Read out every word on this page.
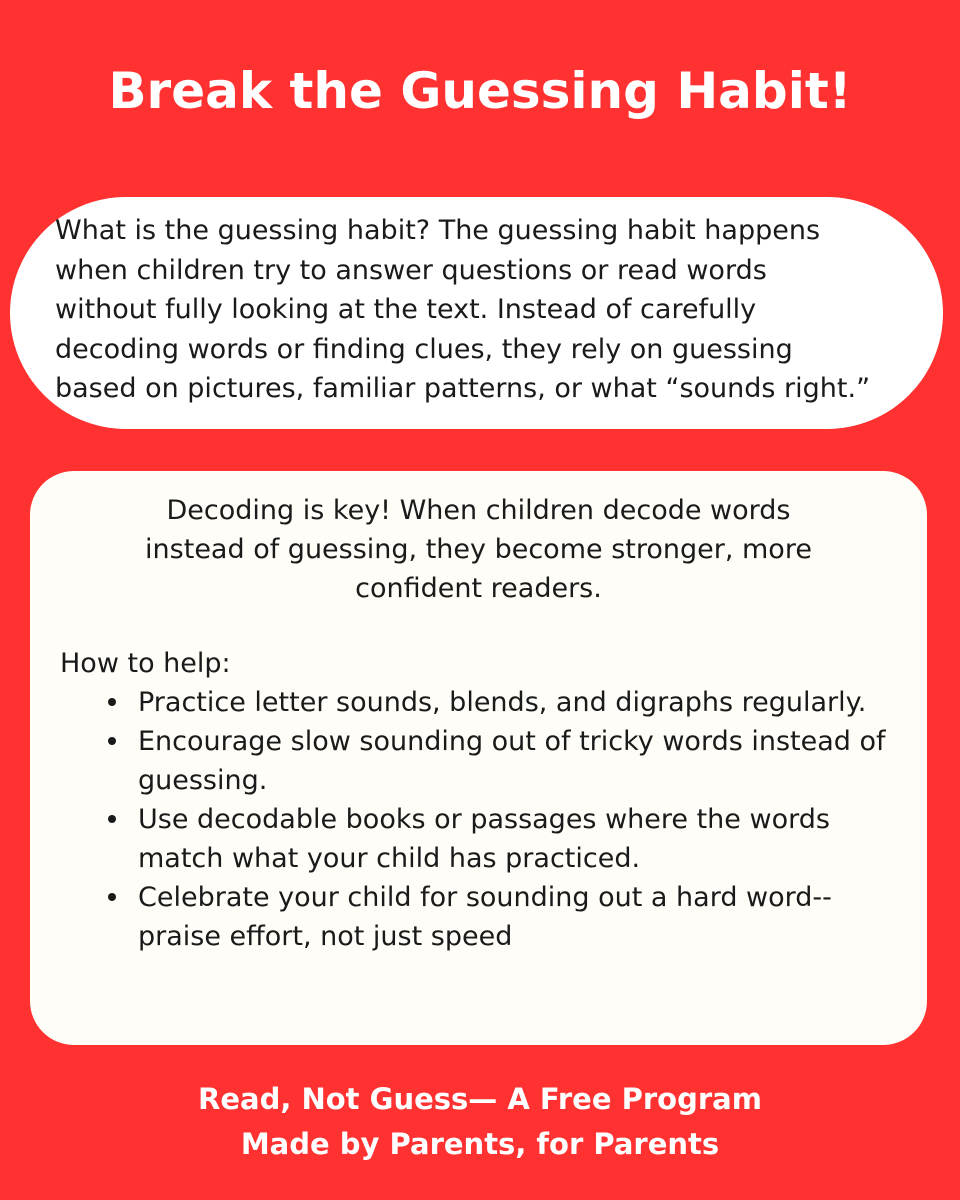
Break the Guessing Habit!

What is the guessing habit? The guessing habit happens
when children try to answer questions or read words
without fully looking at the text. Instead of carefully
decoding words or finding clues, they rely on guessing
based on pictures, familiar patterns, or what “sounds right.”

Decoding is key! When children decode words
instead of guessing, they become stronger, more
confident readers.

How to help:

Practice letter sounds, blends, and digraphs regularly.
Encourage slow sounding out of tricky words instead of
guessing.
Use decodable books or passages where the words
match what your child has practiced.
Celebrate your child for sounding out a hard word--
praise effort, not just speed
Read, Not Guess— A Free Program
Made by Parents, for Parents
